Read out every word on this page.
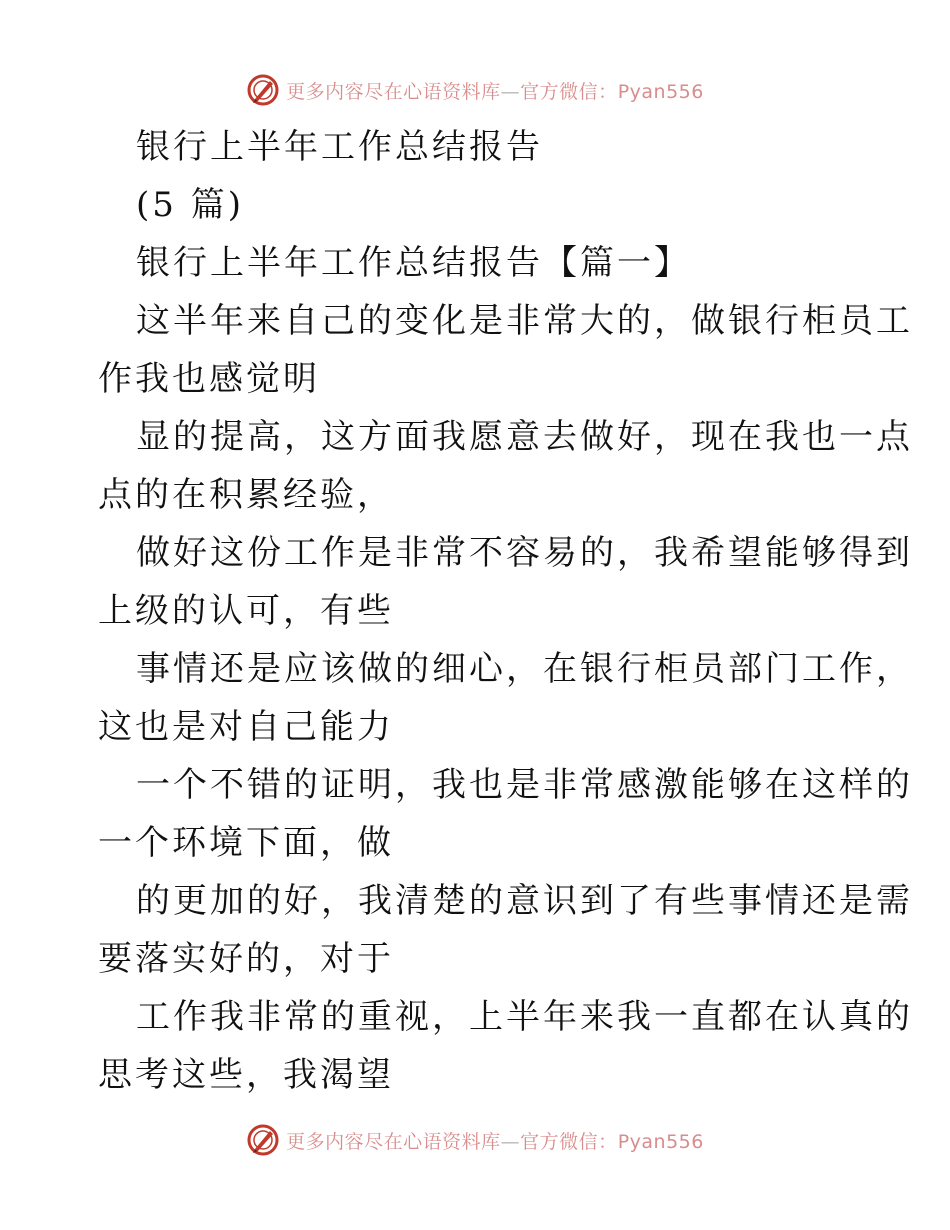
更多内容尽在心语资料库—官方微信：Pyan556
银行上半年工作总结报告
(5 篇)
银行上半年工作总结报告【篇一】
这半年来自己的变化是非常大的，做银行柜员工
作我也感觉明
显的提高，这方面我愿意去做好，现在我也一点
点的在积累经验，
做好这份工作是非常不容易的，我希望能够得到
上级的认可，有些
事情还是应该做的细心，在银行柜员部门工作，
这也是对自己能力
一个不错的证明，我也是非常感激能够在这样的
一个环境下面，做
的更加的好，我清楚的意识到了有些事情还是需
要落实好的，对于
工作我非常的重视，上半年来我一直都在认真的
思考这些，我渴望
更多内容尽在心语资料库—官方微信：Pyan556
